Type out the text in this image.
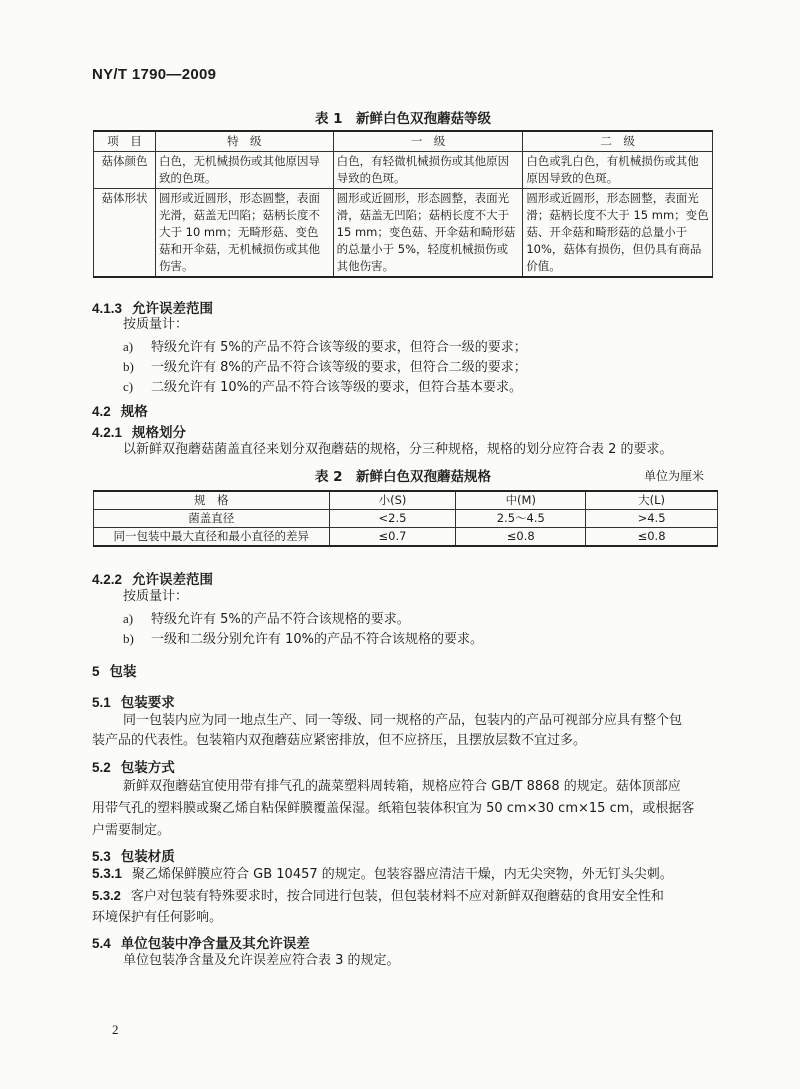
NY/T 1790—2009
表 1　新鲜白色双孢蘑菇等级
项　目	特　级	一　级	二　级
菇体颜色	白色，无机械损伤或其他原因导致的色斑。	白色，有轻微机械损伤或其他原因导致的色斑。	白色或乳白色，有机械损伤或其他原因导致的色斑。
菇体形状	圆形或近圆形，形态圆整，表面光滑，菇盖无凹陷；菇柄长度不大于 10 mm；无畸形菇、变色菇和开伞菇，无机械损伤或其他伤害。	圆形或近圆形，形态圆整，表面光滑，菇盖无凹陷；菇柄长度不大于 15 mm；变色菇、开伞菇和畸形菇的总量小于 5%，轻度机械损伤或其他伤害。	圆形或近圆形，形态圆整，表面光滑；菇柄长度不大于 15 mm；变色菇、开伞菇和畸形菇的总量小于 10%，菇体有损伤，但仍具有商品价值。
4.1.3 允许误差范围
按质量计：
a) 特级允许有 5%的产品不符合该等级的要求，但符合一级的要求；
b) 一级允许有 8%的产品不符合该等级的要求，但符合二级的要求；
c) 二级允许有 10%的产品不符合该等级的要求，但符合基本要求。
4.2 规格
4.2.1 规格划分
以新鲜双孢蘑菇菌盖直径来划分双孢蘑菇的规格，分三种规格，规格的划分应符合表 2 的要求。
表 2　新鲜白色双孢蘑菇规格	单位为厘米
规　格	小(S)	中(M)	大(L)
菌盖直径	<2.5	2.5～4.5	>4.5
同一包装中最大直径和最小直径的差异	≤0.7	≤0.8	≤0.8
4.2.2 允许误差范围
按质量计：
a) 特级允许有 5%的产品不符合该规格的要求。
b) 一级和二级分别允许有 10%的产品不符合该规格的要求。
5 包装
5.1 包装要求
同一包装内应为同一地点生产、同一等级、同一规格的产品，包装内的产品可视部分应具有整个包
装产品的代表性。包装箱内双孢蘑菇应紧密排放，但不应挤压，且摆放层数不宜过多。
5.2 包装方式
新鲜双孢蘑菇宜使用带有排气孔的蔬菜塑料周转箱，规格应符合 GB/T 8868 的规定。菇体顶部应
用带气孔的塑料膜或聚乙烯自粘保鲜膜覆盖保湿。纸箱包装体积宜为 50 cm×30 cm×15 cm，或根据客
户需要制定。
5.3 包装材质
5.3.1 聚乙烯保鲜膜应符合 GB 10457 的规定。包装容器应清洁干燥，内无尖突物，外无钉头尖刺。
5.3.2 客户对包装有特殊要求时，按合同进行包装，但包装材料不应对新鲜双孢蘑菇的食用安全性和
环境保护有任何影响。
5.4 单位包装中净含量及其允许误差
单位包装净含量及允许误差应符合表 3 的规定。
2
